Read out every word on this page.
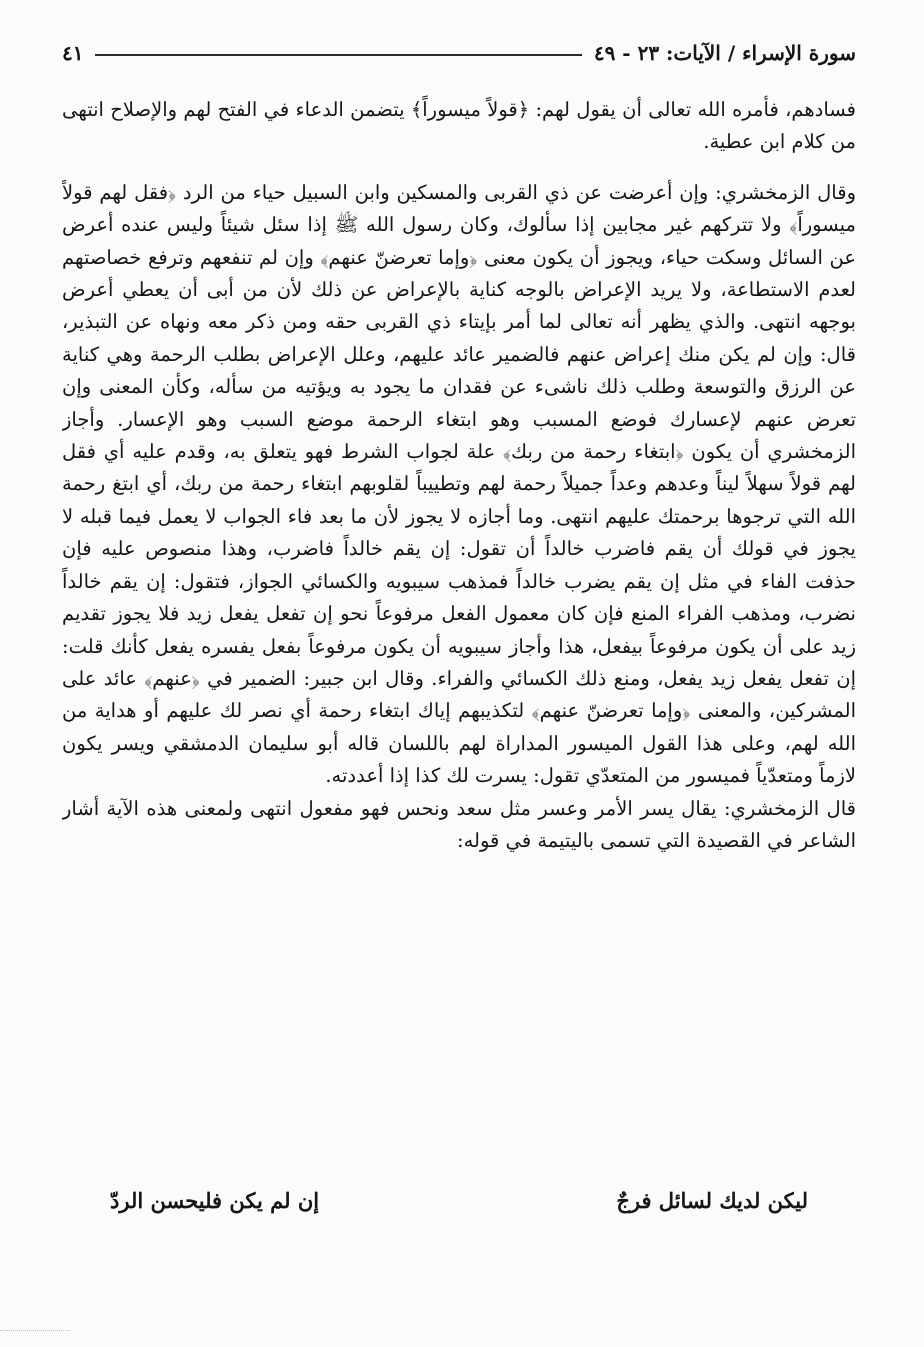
سورة الإسراء / الآيات: ٢٣ - ٤٩
٤١

فسادهم، فأمره الله تعالى أن يقول لهم: ﴿قولاً ميسوراً﴾ يتضمن الدعاء في الفتح لهم والإصلاح انتهى من كلام ابن عطية.

وقال الزمخشري: وإن أعرضت عن ذي القربى والمسكين وابن السبيل حياء من الرد ﴿فقل لهم قولاً ميسوراً﴾ ولا تتركهم غير مجابين إذا سألوك، وكان رسول الله ﷺ إذا سئل شيئاً وليس عنده أعرض عن السائل وسكت حياء، ويجوز أن يكون معنى ﴿وإما تعرضنّ عنهم﴾ وإن لم تنفعهم وترفع خصاصتهم لعدم الاستطاعة، ولا يريد الإعراض بالوجه كناية بالإعراض عن ذلك لأن من أبى أن يعطي أعرض بوجهه انتهى. والذي يظهر أنه تعالى لما أمر بإيتاء ذي القربى حقه ومن ذكر معه ونهاه عن التبذير، قال: وإن لم يكن منك إعراض عنهم فالضمير عائد عليهم، وعلل الإعراض بطلب الرحمة وهي كناية عن الرزق والتوسعة وطلب ذلك ناشىء عن فقدان ما يجود به ويؤتيه من سأله، وكأن المعنى وإن تعرض عنهم لإعسارك فوضع المسبب وهو ابتغاء الرحمة موضع السبب وهو الإعسار. وأجاز الزمخشري أن يكون ﴿ابتغاء رحمة من ربك﴾ علة لجواب الشرط فهو يتعلق به، وقدم عليه أي فقل لهم قولاً سهلاً ليناً وعدهم وعداً جميلاً رحمة لهم وتطييباً لقلوبهم ابتغاء رحمة من ربك، أي ابتغ رحمة الله التي ترجوها برحمتك عليهم انتهى. وما أجازه لا يجوز لأن ما بعد فاء الجواب لا يعمل فيما قبله لا يجوز في قولك أن يقم فاضرب خالداً أن تقول: إن يقم خالداً فاضرب، وهذا منصوص عليه فإن حذفت الفاء في مثل إن يقم يضرب خالداً فمذهب سيبويه والكسائي الجواز، فتقول: إن يقم خالداً نضرب، ومذهب الفراء المنع فإن كان معمول الفعل مرفوعاً نحو إن تفعل يفعل زيد فلا يجوز تقديم زيد على أن يكون مرفوعاً بيفعل، هذا وأجاز سيبويه أن يكون مرفوعاً بفعل يفسره يفعل كأنك قلت: إن تفعل يفعل زيد يفعل، ومنع ذلك الكسائي والفراء. وقال ابن جبير: الضمير في ﴿عنهم﴾ عائد على المشركين، والمعنى ﴿وإما تعرضنّ عنهم﴾ لتكذيبهم إياك ابتغاء رحمة أي نصر لك عليهم أو هداية من الله لهم، وعلى هذا القول الميسور المداراة لهم باللسان قاله أبو سليمان الدمشقي ويسر يكون لازماً ومتعدّياً فميسور من المتعدّي تقول: يسرت لك كذا إذا أعددته.

قال الزمخشري: يقال يسر الأمر وعسر مثل سعد ونحس فهو مفعول انتهى ولمعنى هذه الآية أشار الشاعر في القصيدة التي تسمى باليتيمة في قوله:

ليكن لديك لسائل فرجٌ
إن لم يكن فليحسن الردّ
